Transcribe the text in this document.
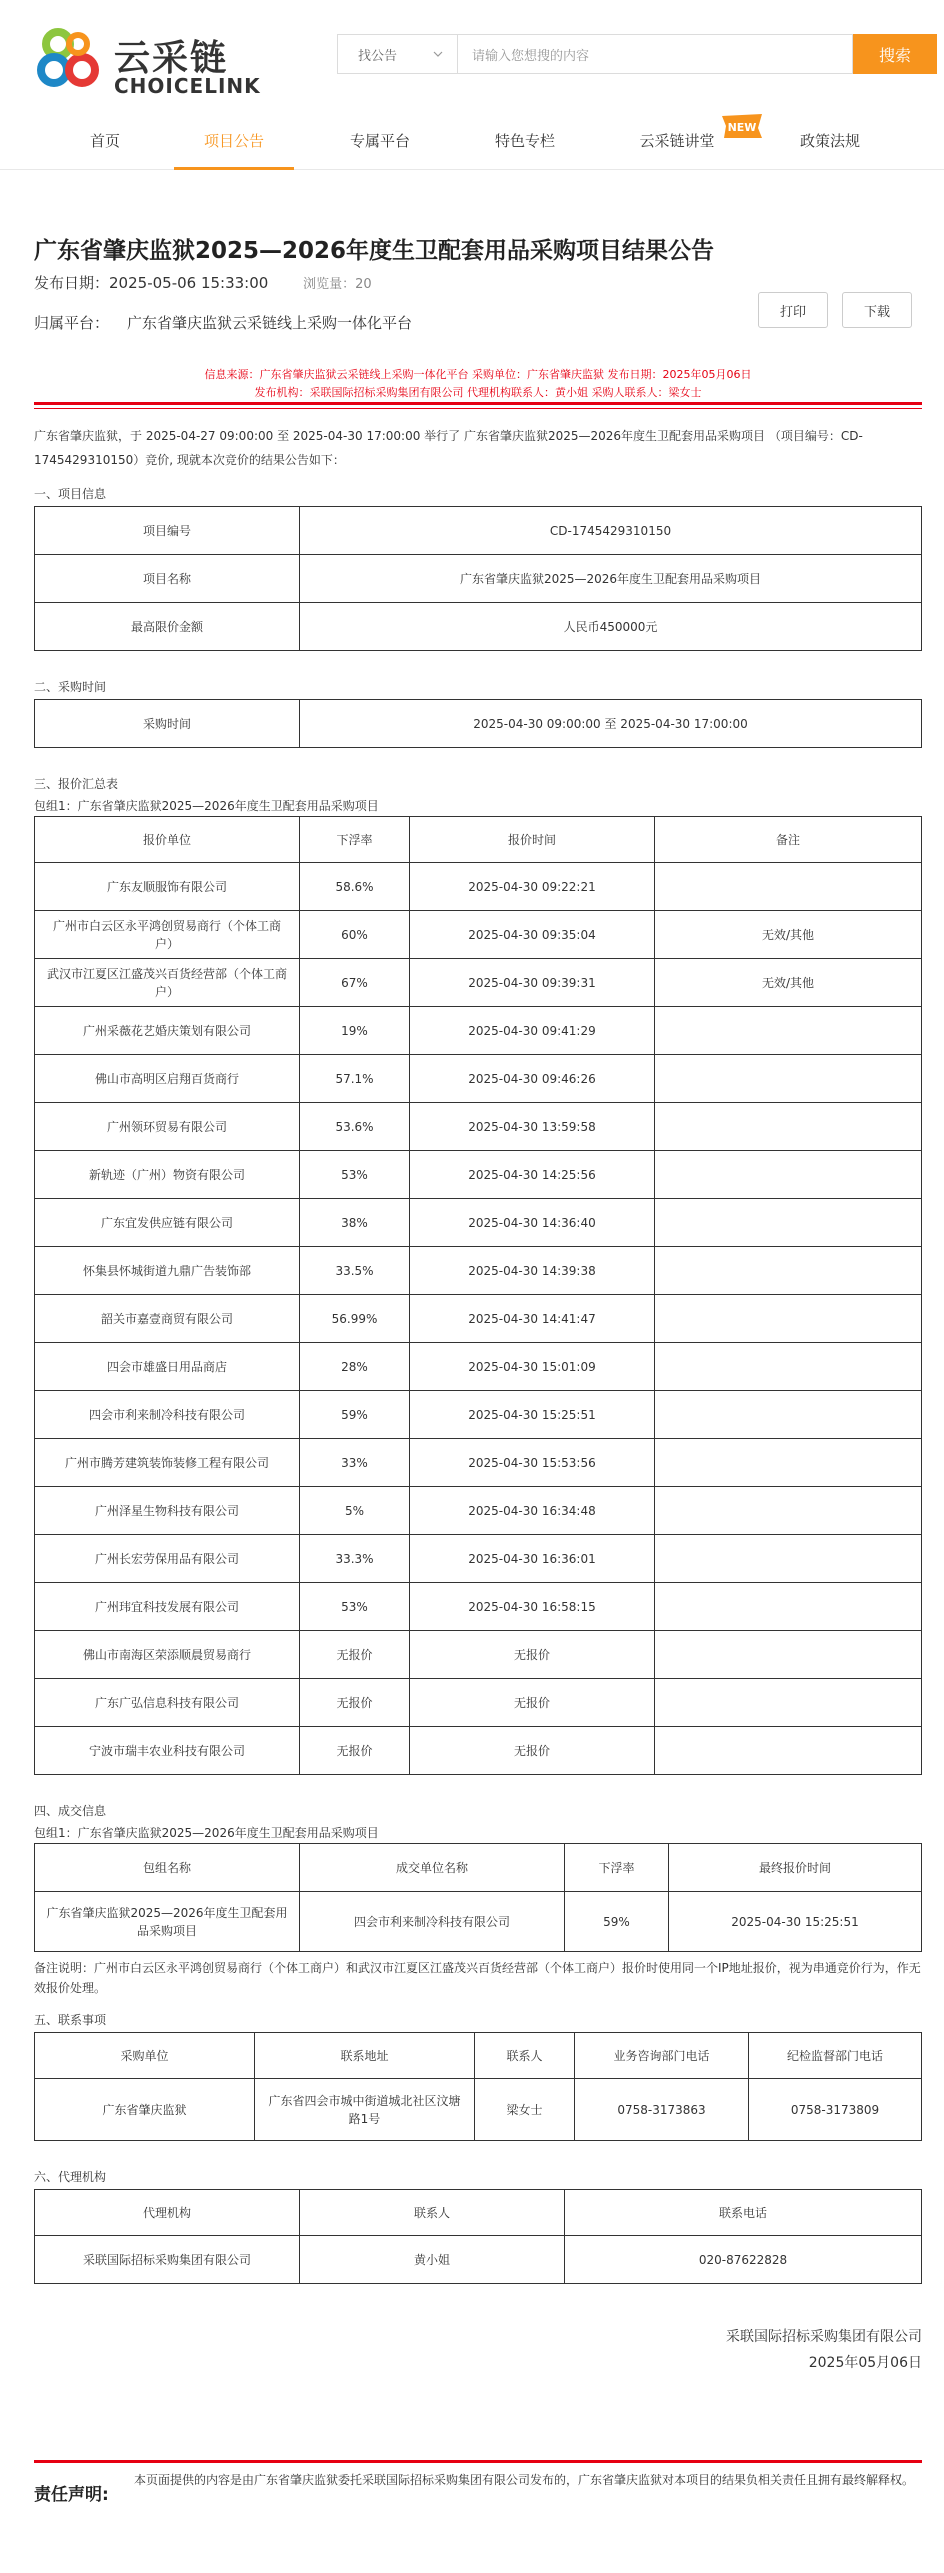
云采链
CHOICELINK
找公告	请输入您想搜的内容	搜索
首页	项目公告	专属平台	特色专栏	云采链讲堂
NEW
政策法规
广东省肇庆监狱2025—2026年度生卫配套用品采购项目结果公告
发布日期：2025-05-06 15:33:00	浏览量：20
归属平台： 广东省肇庆监狱云采链线上采购一体化平台
打印	下载
信息来源：广东省肇庆监狱云采链线上采购一体化平台 采购单位：广东省肇庆监狱 发布日期：2025年05月06日
发布机构：采联国际招标采购集团有限公司 代理机构联系人：黄小姐 采购人联系人：梁女士
广东省肇庆监狱，于 2025-04-27 09:00:00 至 2025-04-30 17:00:00 举行了 广东省肇庆监狱2025—2026年度生卫配套用品采购项目 （项目编号：CD-1745429310150）竞价, 现就本次竞价的结果公告如下：
一、项目信息
项目编号	CD-1745429310150
项目名称	广东省肇庆监狱2025—2026年度生卫配套用品采购项目
最高限价金额	人民币450000元
二、采购时间
采购时间	2025-04-30 09:00:00 至 2025-04-30 17:00:00
三、报价汇总表
包组1：广东省肇庆监狱2025—2026年度生卫配套用品采购项目
报价单位	下浮率	报价时间	备注
广东友顺服饰有限公司	58.6%	2025-04-30 09:22:21	
广州市白云区永平鸿创贸易商行（个体工商户）	60%	2025-04-30 09:35:04	无效/其他
武汉市江夏区江盛茂兴百货经营部（个体工商户）	67%	2025-04-30 09:39:31	无效/其他
广州采薇花艺婚庆策划有限公司	19%	2025-04-30 09:41:29	
佛山市高明区启翔百货商行	57.1%	2025-04-30 09:46:26	
广州领环贸易有限公司	53.6%	2025-04-30 13:59:58	
新轨迹（广州）物资有限公司	53%	2025-04-30 14:25:56	
广东宜发供应链有限公司	38%	2025-04-30 14:36:40	
怀集县怀城街道九鼎广告装饰部	33.5%	2025-04-30 14:39:38	
韶关市嘉壹商贸有限公司	56.99%	2025-04-30 14:41:47	
四会市雄盛日用品商店	28%	2025-04-30 15:01:09	
四会市利来制冷科技有限公司	59%	2025-04-30 15:25:51	
广州市腾芳建筑装饰装修工程有限公司	33%	2025-04-30 15:53:56	
广州泽星生物科技有限公司	5%	2025-04-30 16:34:48	
广州长宏劳保用品有限公司	33.3%	2025-04-30 16:36:01	
广州玮宜科技发展有限公司	53%	2025-04-30 16:58:15	
佛山市南海区荣添顺晨贸易商行	无报价	无报价	
广东广弘信息科技有限公司	无报价	无报价	
宁波市瑞丰农业科技有限公司	无报价	无报价	
四、成交信息
包组1：广东省肇庆监狱2025—2026年度生卫配套用品采购项目
包组名称	成交单位名称	下浮率	最终报价时间
广东省肇庆监狱2025—2026年度生卫配套用品采购项目	四会市利来制冷科技有限公司	59%	2025-04-30 15:25:51
备注说明：广州市白云区永平鸿创贸易商行（个体工商户）和武汉市江夏区江盛茂兴百货经营部（个体工商户）报价时使用同一个IP地址报价，视为串通竞价行为，作无效报价处理。
五、联系事项
采购单位	联系地址	联系人	业务咨询部门电话	纪检监督部门电话
广东省肇庆监狱	广东省四会市城中街道城北社区汶塘路1号	梁女士	0758-3173863	0758-3173809
六、代理机构
代理机构	联系人	联系电话
采联国际招标采购集团有限公司	黄小姐	020-87622828
采联国际招标采购集团有限公司
2025年05月06日
责任声明:
本页面提供的内容是由广东省肇庆监狱委托采联国际招标采购集团有限公司发布的，广东省肇庆监狱对本项目的结果负相关责任且拥有最终解释权。
